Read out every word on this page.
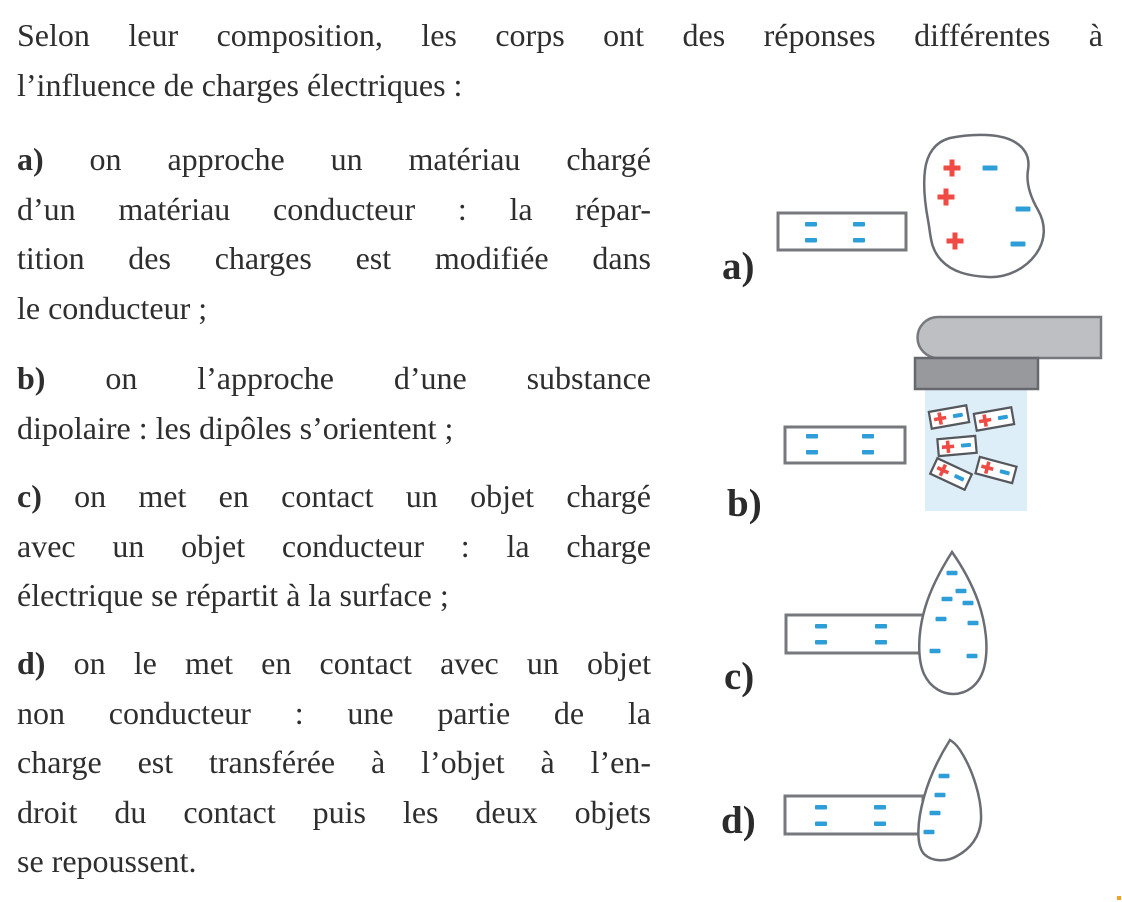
Selon leur composition, les corps ont des réponses différentes à
l’influence de charges électriques :
a) on approche un matériau chargé
d’un matériau conducteur : la répar-
tition des charges est modifiée dans
le conducteur ;
b) on l’approche d’une substance
dipolaire : les dipôles s’orientent ;
c) on met en contact un objet chargé
avec un objet conducteur : la charge
électrique se répartit à la surface ;
d) on le met en contact avec un objet
non conducteur : une partie de la
charge est transférée à l’objet à l’en-
droit du contact puis les deux objets
se repoussent.
a)
b)
c)
d)
